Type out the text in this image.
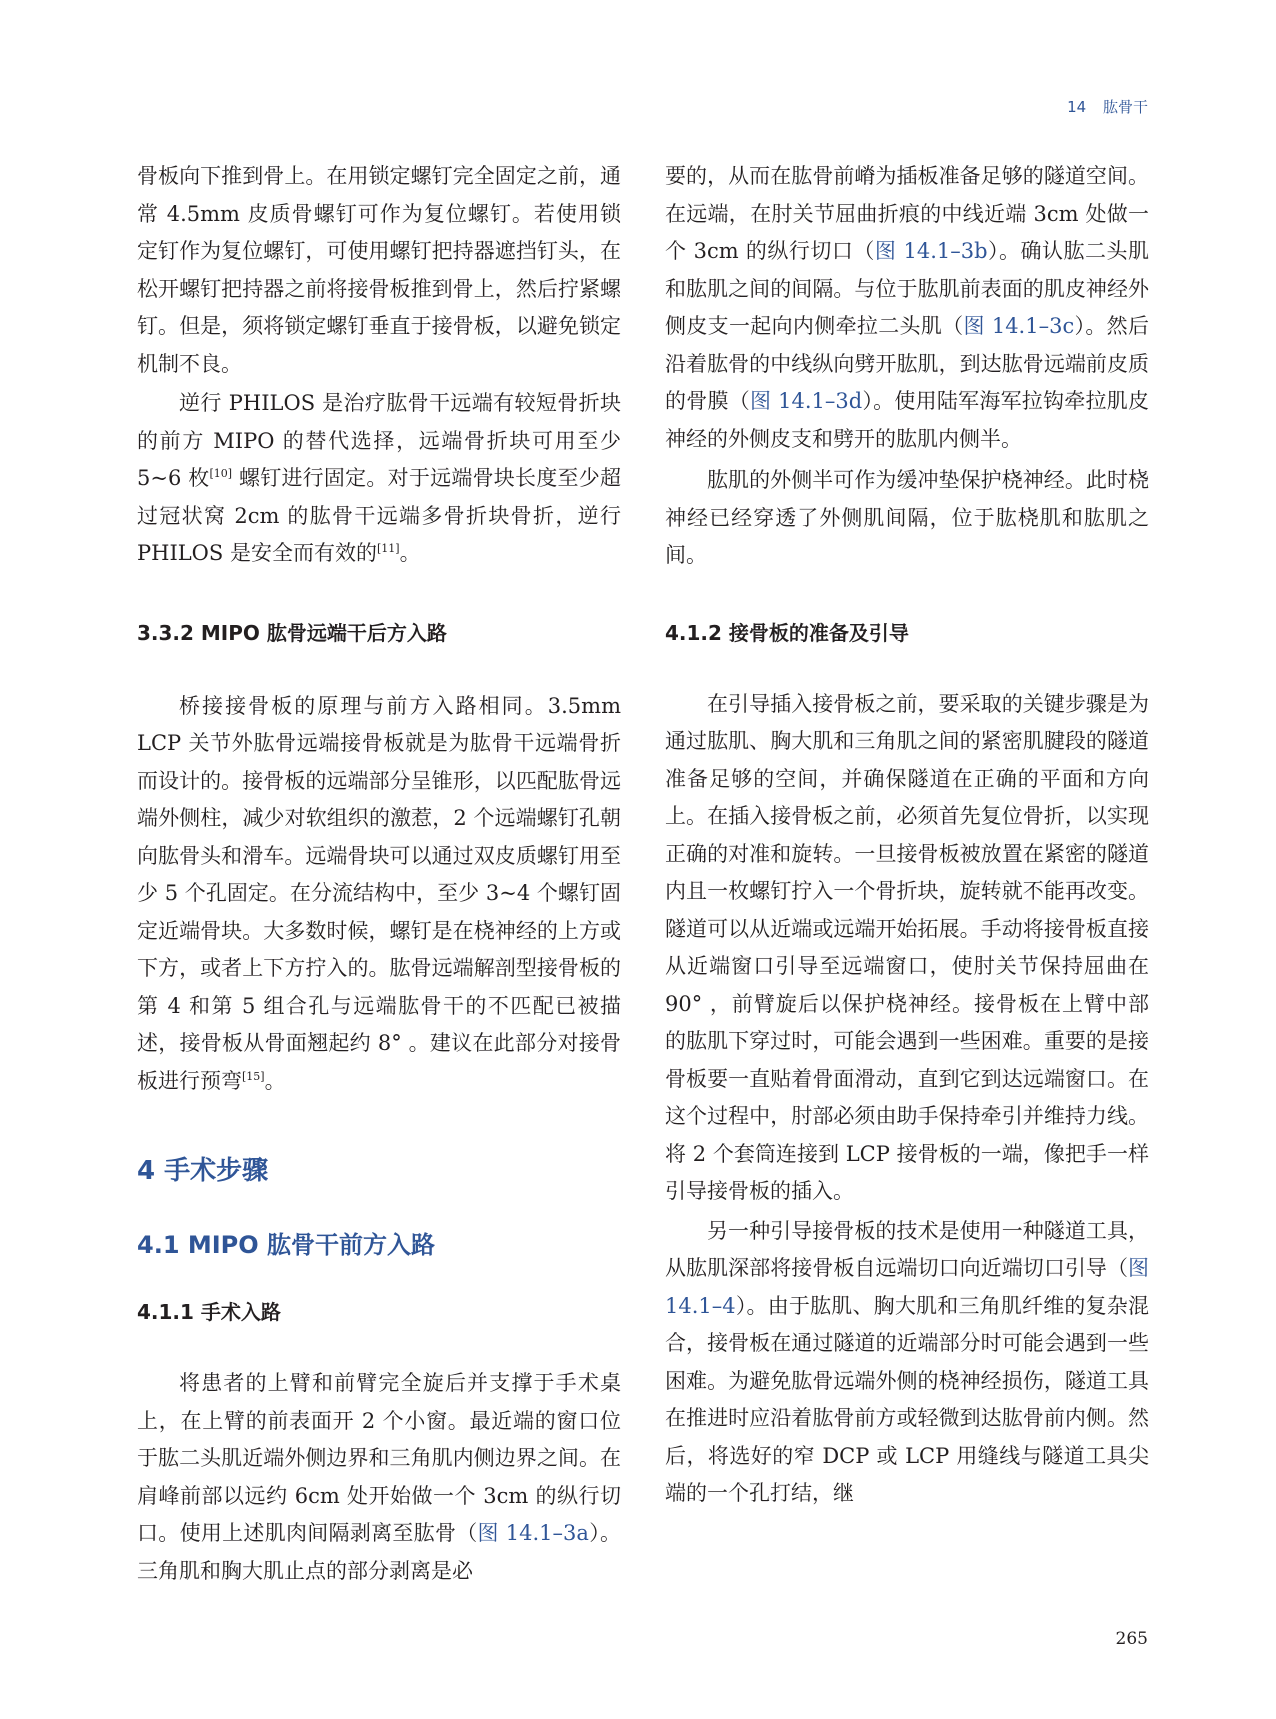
14 肱骨干

骨板向下推到骨上。在用锁定螺钉完全固定之前，通常 4.5mm 皮质骨螺钉可作为复位螺钉。若使用锁定钉作为复位螺钉，可使用螺钉把持器遮挡钉头，在松开螺钉把持器之前将接骨板推到骨上，然后拧紧螺钉。但是，须将锁定螺钉垂直于接骨板，以避免锁定机制不良。

逆行 PHILOS 是治疗肱骨干远端有较短骨折块的前方 MIPO 的替代选择，远端骨折块可用至少 5~6 枚[10] 螺钉进行固定。对于远端骨块长度至少超过冠状窝 2cm 的肱骨干远端多骨折块骨折，逆行 PHILOS 是安全而有效的[11]。

3.3.2 MIPO 肱骨远端干后方入路

桥接接骨板的原理与前方入路相同。3.5mm LCP 关节外肱骨远端接骨板就是为肱骨干远端骨折而设计的。接骨板的远端部分呈锥形，以匹配肱骨远端外侧柱，减少对软组织的激惹，2 个远端螺钉孔朝向肱骨头和滑车。远端骨块可以通过双皮质螺钉用至少 5 个孔固定。在分流结构中，至少 3~4 个螺钉固定近端骨块。大多数时候，螺钉是在桡神经的上方或下方，或者上下方拧入的。肱骨远端解剖型接骨板的第 4 和第 5 组合孔与远端肱骨干的不匹配已被描述，接骨板从骨面翘起约 8° 。建议在此部分对接骨板进行预弯[15]。

4 手术步骤
4.1 MIPO 肱骨干前方入路
4.1.1 手术入路

将患者的上臂和前臂完全旋后并支撑于手术桌上，在上臂的前表面开 2 个小窗。最近端的窗口位于肱二头肌近端外侧边界和三角肌内侧边界之间。在肩峰前部以远约 6cm 处开始做一个 3cm 的纵行切口。使用上述肌肉间隔剥离至肱骨（图 14.1–3a）。三角肌和胸大肌止点的部分剥离是必

要的，从而在肱骨前嵴为插板准备足够的隧道空间。在远端，在肘关节屈曲折痕的中线近端 3cm 处做一个 3cm 的纵行切口（图 14.1–3b）。确认肱二头肌和肱肌之间的间隔。与位于肱肌前表面的肌皮神经外侧皮支一起向内侧牵拉二头肌（图 14.1–3c）。然后沿着肱骨的中线纵向劈开肱肌，到达肱骨远端前皮质的骨膜（图 14.1–3d）。使用陆军海军拉钩牵拉肌皮神经的外侧皮支和劈开的肱肌内侧半。

肱肌的外侧半可作为缓冲垫保护桡神经。此时桡神经已经穿透了外侧肌间隔，位于肱桡肌和肱肌之间。

4.1.2 接骨板的准备及引导

在引导插入接骨板之前，要采取的关键步骤是为通过肱肌、胸大肌和三角肌之间的紧密肌腱段的隧道准备足够的空间，并确保隧道在正确的平面和方向上。在插入接骨板之前，必须首先复位骨折，以实现正确的对准和旋转。一旦接骨板被放置在紧密的隧道内且一枚螺钉拧入一个骨折块，旋转就不能再改变。隧道可以从近端或远端开始拓展。手动将接骨板直接从近端窗口引导至远端窗口，使肘关节保持屈曲在 90° ，前臂旋后以保护桡神经。接骨板在上臂中部的肱肌下穿过时，可能会遇到一些困难。重要的是接骨板要一直贴着骨面滑动，直到它到达远端窗口。在这个过程中，肘部必须由助手保持牵引并维持力线。将 2 个套筒连接到 LCP 接骨板的一端，像把手一样引导接骨板的插入。

另一种引导接骨板的技术是使用一种隧道工具，从肱肌深部将接骨板自远端切口向近端切口引导（图 14.1–4）。由于肱肌、胸大肌和三角肌纤维的复杂混合，接骨板在通过隧道的近端部分时可能会遇到一些困难。为避免肱骨远端外侧的桡神经损伤，隧道工具在推进时应沿着肱骨前方或轻微到达肱骨前内侧。然后，将选好的窄 DCP 或 LCP 用缝线与隧道工具尖端的一个孔打结，继

265
